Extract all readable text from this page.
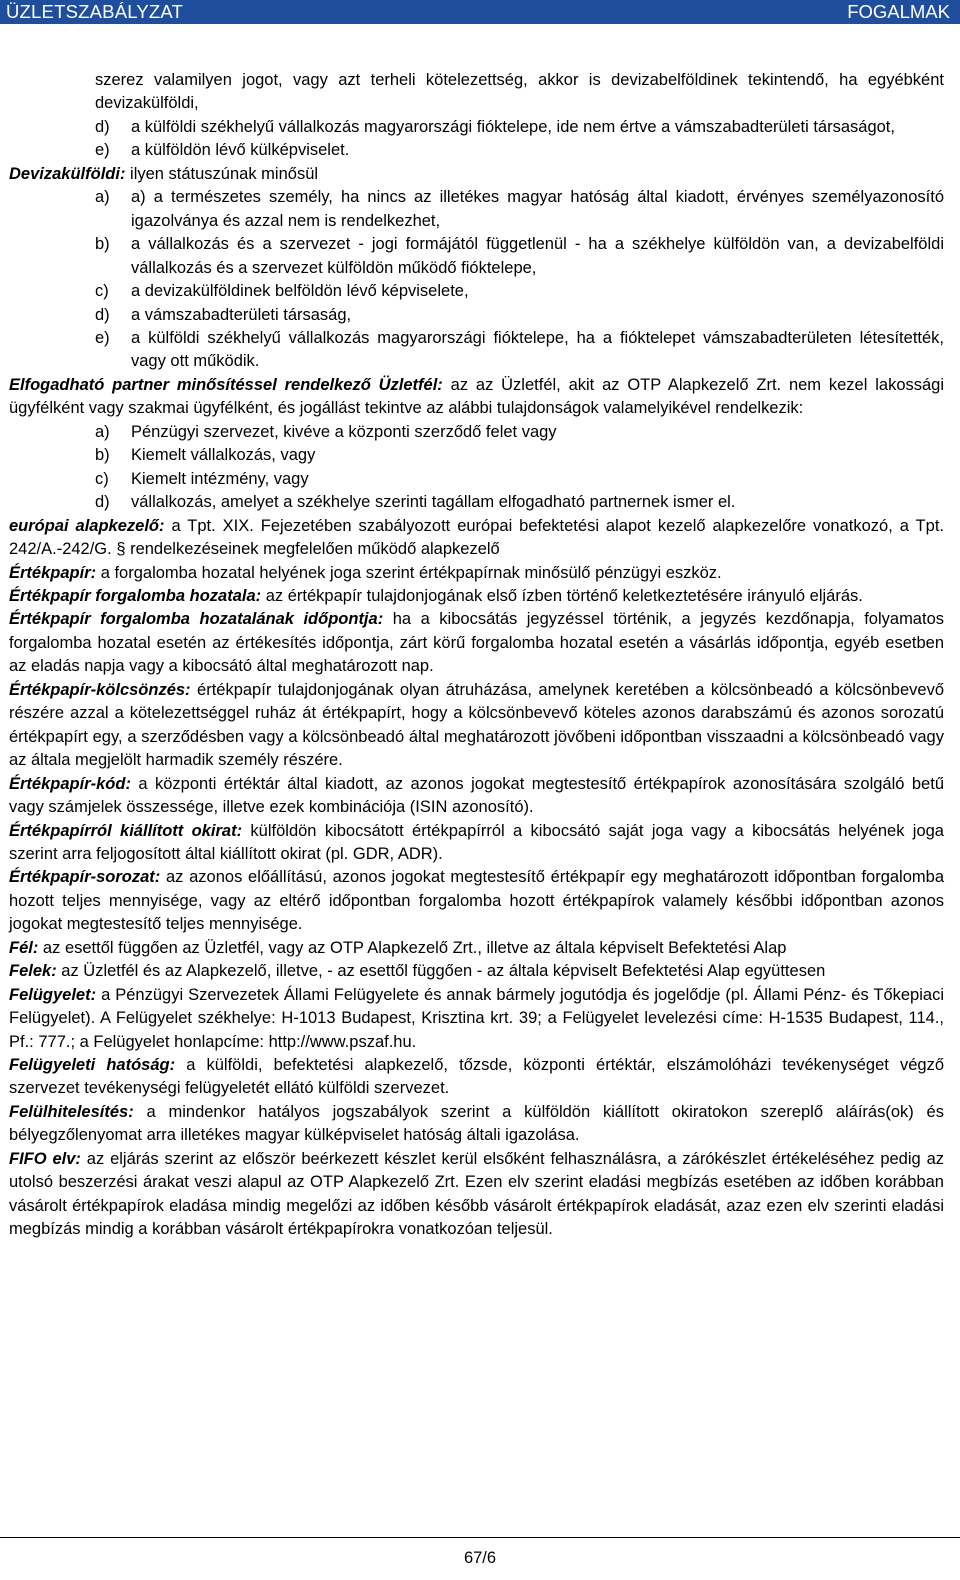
ÜZLETSZABÁLYZAT	FOGALMAK

szerez valamilyen jogot, vagy azt terheli kötelezettség, akkor is devizabelföldinek tekintendő, ha egyébként devizakülföldi,

d)	a külföldi székhelyű vállalkozás magyarországi fióktelepe, ide nem értve a vámszabadterületi társaságot,
e)	a külföldön lévő külképviselet.

Devizakülföldi: ilyen státuszúnak minősül

a)	a) a természetes személy, ha nincs az illetékes magyar hatóság által kiadott, érvényes személyazonosító igazolványa és azzal nem is rendelkezhet,
b)	a vállalkozás és a szervezet - jogi formájától függetlenül - ha a székhelye külföldön van, a devizabelföldi vállalkozás és a szervezet külföldön működő fióktelepe,
c)	a devizakülföldinek belföldön lévő képviselete,
d)	a vámszabadterületi társaság,
e)	a külföldi székhelyű vállalkozás magyarországi fióktelepe, ha a fióktelepet vámszabadterületen létesítették, vagy ott működik.

Elfogadható partner minősítéssel rendelkező Üzletfél: az az Üzletfél, akit az OTP Alapkezelő Zrt. nem kezel lakossági ügyfélként vagy szakmai ügyfélként, és jogállást tekintve az alábbi tulajdonságok valamelyikével rendelkezik:

a)	Pénzügyi szervezet, kivéve a központi szerződő felet vagy
b)	Kiemelt vállalkozás, vagy
c)	Kiemelt intézmény, vagy
d)	vállalkozás, amelyet a székhelye szerinti tagállam elfogadható partnernek ismer el.

európai alapkezelő: a Tpt. XIX. Fejezetében szabályozott európai befektetési alapot kezelő alapkezelőre vonatkozó, a Tpt. 242/A.-242/G. § rendelkezéseinek megfelelően működő alapkezelő

Értékpapír: a forgalomba hozatal helyének joga szerint értékpapírnak minősülő pénzügyi eszköz.

Értékpapír forgalomba hozatala: az értékpapír tulajdonjogának első ízben történő keletkeztetésére irányuló eljárás.

Értékpapír forgalomba hozatalának időpontja: ha a kibocsátás jegyzéssel történik, a jegyzés kezdőnapja, folyamatos forgalomba hozatal esetén az értékesítés időpontja, zárt körű forgalomba hozatal esetén a vásárlás időpontja, egyéb esetben az eladás napja vagy a kibocsátó által meghatározott nap.

Értékpapír-kölcsönzés: értékpapír tulajdonjogának olyan átruházása, amelynek keretében a kölcsönbeadó a kölcsönbevevő részére azzal a kötelezettséggel ruház át értékpapírt, hogy a kölcsönbevevő köteles azonos darabszámú és azonos sorozatú értékpapírt egy, a szerződésben vagy a kölcsönbeadó által meghatározott jövőbeni időpontban visszaadni a kölcsönbeadó vagy az általa megjelölt harmadik személy részére.

Értékpapír-kód: a központi értéktár által kiadott, az azonos jogokat megtestesítő értékpapírok azonosítására szolgáló betű vagy számjelek összessége, illetve ezek kombinációja (ISIN azonosító).

Értékpapírról kiállított okirat: külföldön kibocsátott értékpapírról a kibocsátó saját joga vagy a kibocsátás helyének joga szerint arra feljogosított által kiállított okirat (pl. GDR, ADR).

Értékpapír-sorozat: az azonos előállítású, azonos jogokat megtestesítő értékpapír egy meghatározott időpontban forgalomba hozott teljes mennyisége, vagy az eltérő időpontban forgalomba hozott értékpapírok valamely későbbi időpontban azonos jogokat megtestesítő teljes mennyisége.

Fél: az esettől függően az Üzletfél, vagy az OTP Alapkezelő Zrt., illetve az általa képviselt Befektetési Alap

Felek: az Üzletfél és az Alapkezelő, illetve, - az esettől függően - az általa képviselt Befektetési Alap együttesen

Felügyelet: a Pénzügyi Szervezetek Állami Felügyelete és annak bármely jogutódja és jogelődje (pl. Állami Pénz- és Tőkepiaci Felügyelet). A Felügyelet székhelye: H-1013 Budapest, Krisztina krt. 39; a Felügyelet levelezési címe: H-1535 Budapest, 114., Pf.: 777.; a Felügyelet honlapcíme: http://www.pszaf.hu.

Felügyeleti hatóság: a külföldi, befektetési alapkezelő, tőzsde, központi értéktár, elszámolóházi tevékenységet végző szervezet tevékenységi felügyeletét ellátó külföldi szervezet.

Felülhitelesítés: a mindenkor hatályos jogszabályok szerint a külföldön kiállított okiratokon szereplő aláírás(ok) és bélyegzőlenyomat arra illetékes magyar külképviselet hatóság általi igazolása.

FIFO elv: az eljárás szerint az először beérkezett készlet kerül elsőként felhasználásra, a zárókészlet értékeléséhez pedig az utolsó beszerzési árakat veszi alapul az OTP Alapkezelő Zrt. Ezen elv szerint eladási megbízás esetében az időben korábban vásárolt értékpapírok eladása mindig megelőzi az időben később vásárolt értékpapírok eladását, azaz ezen elv szerinti eladási megbízás mindig a korábban vásárolt értékpapírokra vonatkozóan teljesül.

67/6
